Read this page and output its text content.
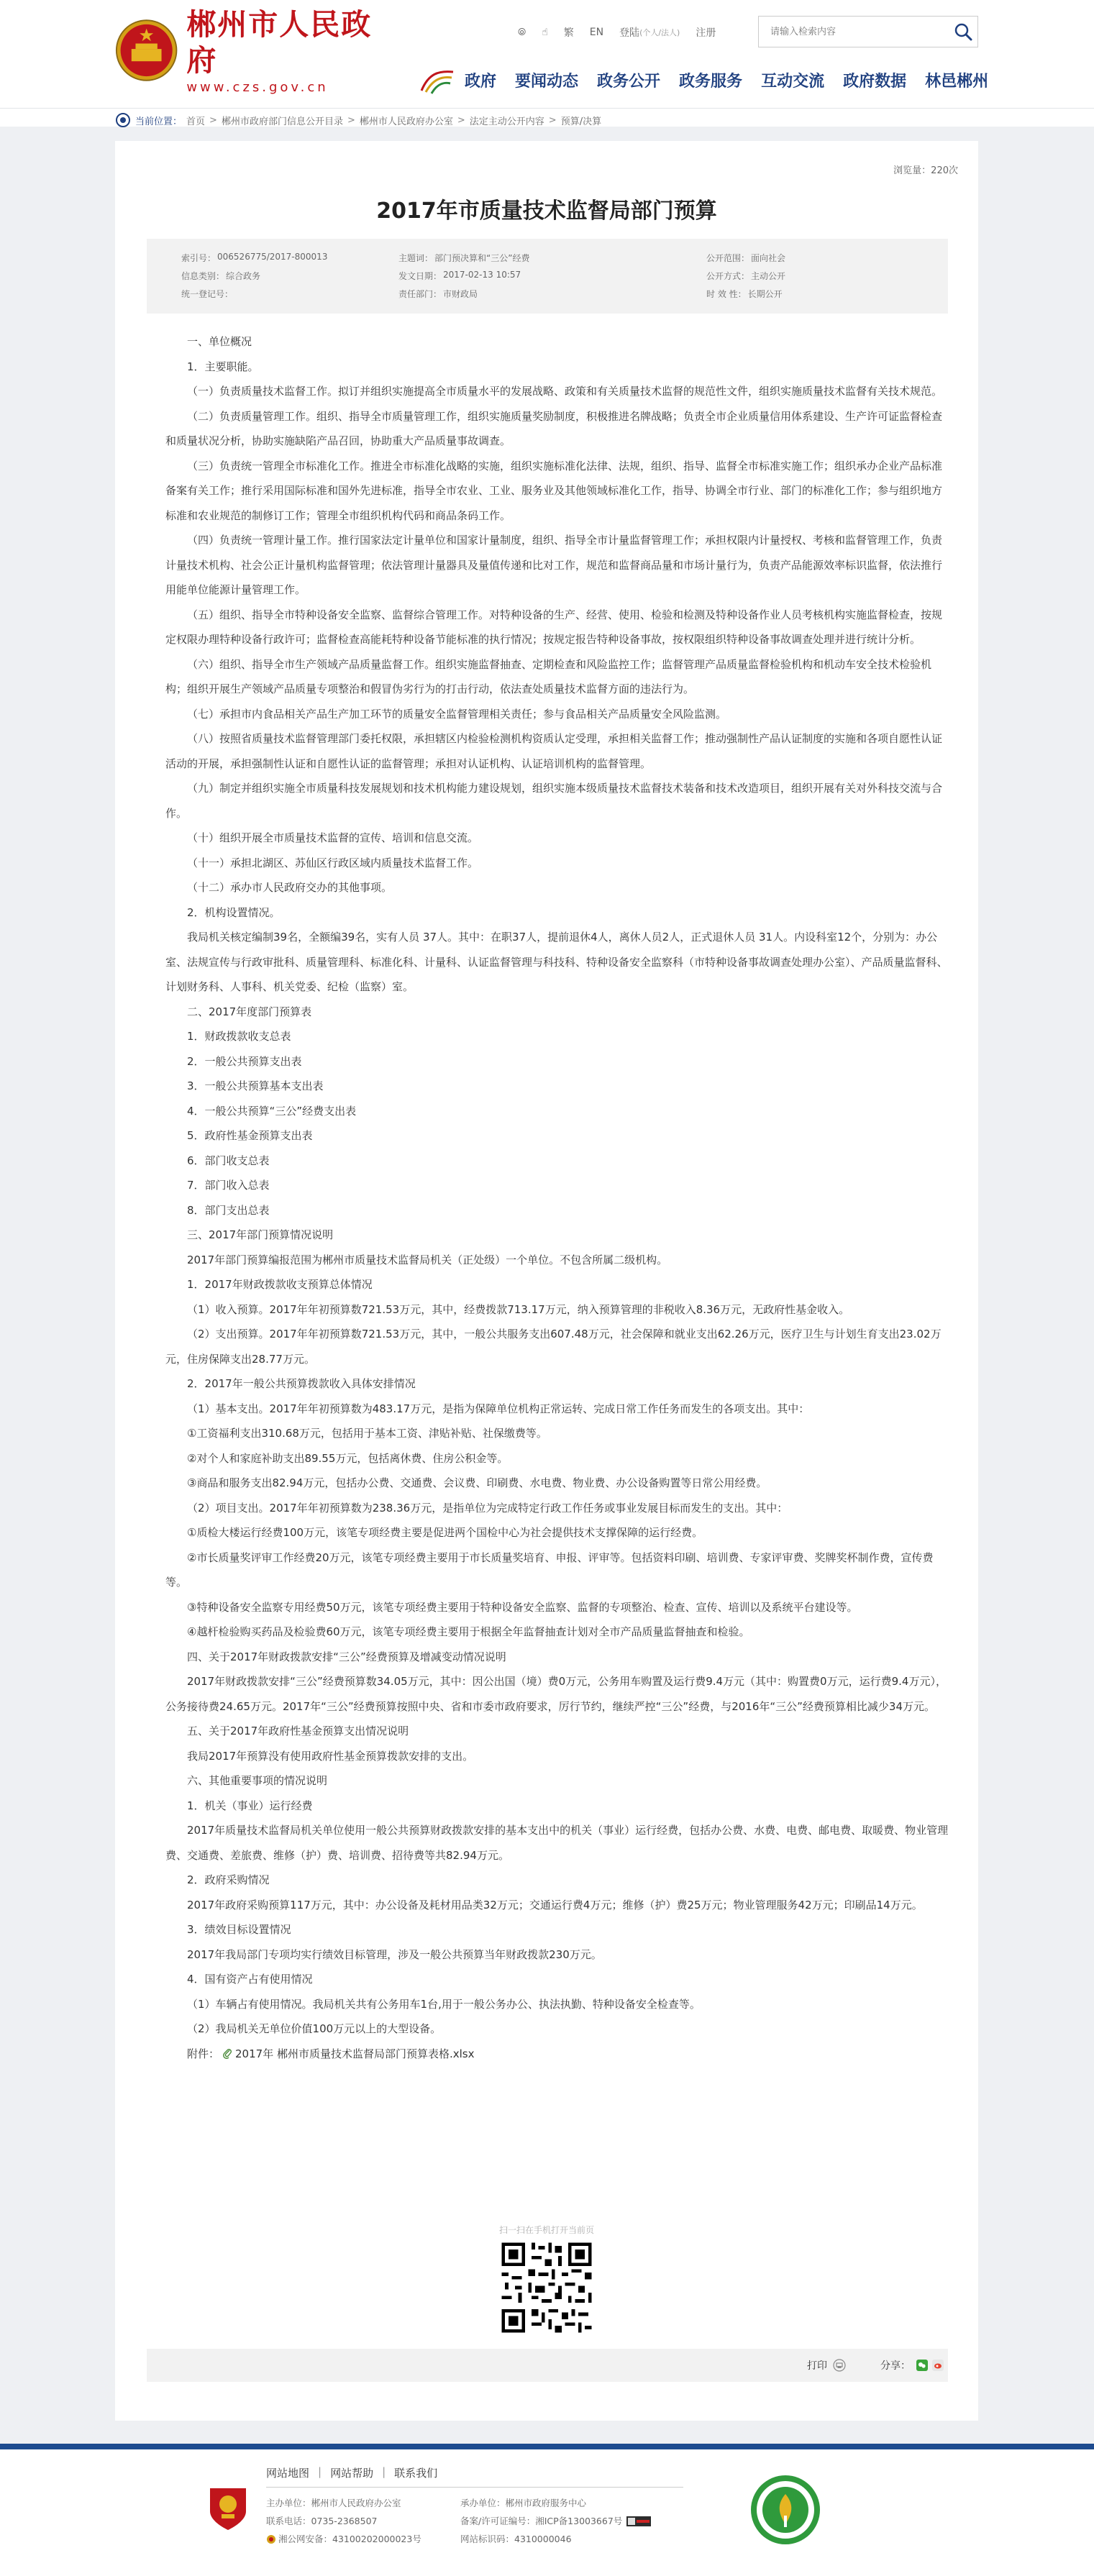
郴州市人民政府
www.czs.gov.cn
⦾ ☝ 繁 EN 登陆 (个人/法人) 注册
请输入检索内容
政府 要闻动态 政务公开 政务服务 互动交流 政府数据 林邑郴州
当前位置： 首页 > 郴州市政府部门信息公开目录 > 郴州市人民政府办公室 > 法定主动公开内容 > 预算/决算
浏览量：220次
2017年市质量技术监督局部门预算
索引号： 006526775/2017-800013	主题词： 部门预决算和“三公”经费	公开范围： 面向社会
信息类别： 综合政务	发文日期： 2017-02-13 10:57	公开方式： 主动公开
统一登记号：	责任部门： 市财政局	时 效 性： 长期公开

一、单位概况

1．主要职能。

（一）负责质量技术监督工作。拟订并组织实施提高全市质量水平的发展战略、政策和有关质量技术监督的规范性文件，组织实施质量技术监督有关技术规范。

（二）负责质量管理工作。组织、指导全市质量管理工作，组织实施质量奖励制度，积极推进名牌战略；负责全市企业质量信用体系建设、生产许可证监督检查和质量状况分析，协助实施缺陷产品召回，协助重大产品质量事故调查。

（三）负责统一管理全市标准化工作。推进全市标准化战略的实施，组织实施标准化法律、法规，组织、指导、监督全市标准实施工作；组织承办企业产品标准备案有关工作；推行采用国际标准和国外先进标准，指导全市农业、工业、服务业及其他领域标准化工作，指导、协调全市行业、部门的标准化工作；参与组织地方标准和农业规范的制修订工作；管理全市组织机构代码和商品条码工作。

（四）负责统一管理计量工作。推行国家法定计量单位和国家计量制度，组织、指导全市计量监督管理工作；承担权限内计量授权、考核和监督管理工作，负责计量技术机构、社会公正计量机构监督管理；依法管理计量器具及量值传递和比对工作，规范和监督商品量和市场计量行为，负责产品能源效率标识监督，依法推行用能单位能源计量管理工作。

（五）组织、指导全市特种设备安全监察、监督综合管理工作。对特种设备的生产、经营、使用、检验和检测及特种设备作业人员考核机构实施监督检查，按规定权限办理特种设备行政许可；监督检查高能耗特种设备节能标准的执行情况；按规定报告特种设备事故，按权限组织特种设备事故调查处理并进行统计分析。

（六）组织、指导全市生产领域产品质量监督工作。组织实施监督抽查、定期检查和风险监控工作；监督管理产品质量监督检验机构和机动车安全技术检验机构；组织开展生产领域产品质量专项整治和假冒伪劣行为的打击行动，依法查处质量技术监督方面的违法行为。

（七）承担市内食品相关产品生产加工环节的质量安全监督管理相关责任；参与食品相关产品质量安全风险监测。

（八）按照省质量技术监督管理部门委托权限，承担辖区内检验检测机构资质认定受理，承担相关监督工作；推动强制性产品认证制度的实施和各项自愿性认证活动的开展，承担强制性认证和自愿性认证的监督管理；承担对认证机构、认证培训机构的监督管理。

（九）制定并组织实施全市质量科技发展规划和技术机构能力建设规划，组织实施本级质量技术监督技术装备和技术改造项目，组织开展有关对外科技交流与合作。

（十）组织开展全市质量技术监督的宣传、培训和信息交流。

（十一）承担北湖区、苏仙区行政区域内质量技术监督工作。

（十二）承办市人民政府交办的其他事项。

2．机构设置情况。

我局机关核定编制39名，全额编39名，实有人员 37人。其中：在职37人，提前退休4人，离休人员2人，正式退休人员 31人。内设科室12个，分别为：办公室、法规宣传与行政审批科、质量管理科、标准化科、计量科、认证监督管理与科技科、特种设备安全监察科（市特种设备事故调查处理办公室）、产品质量监督科、计划财务科、人事科、机关党委、纪检（监察）室。

二、2017年度部门预算表

1．财政拨款收支总表

2．一般公共预算支出表

3．一般公共预算基本支出表

4．一般公共预算“三公”经费支出表

5．政府性基金预算支出表

6．部门收支总表

7．部门收入总表

8．部门支出总表

三、2017年部门预算情况说明

2017年部门预算编报范围为郴州市质量技术监督局机关（正处级）一个单位。不包含所属二级机构。

1．2017年财政拨款收支预算总体情况

（1）收入预算。2017年年初预算数721.53万元，其中，经费拨款713.17万元，纳入预算管理的非税收入8.36万元，无政府性基金收入。

（2）支出预算。2017年年初预算数721.53万元，其中，一般公共服务支出607.48万元，社会保障和就业支出62.26万元，医疗卫生与计划生育支出23.02万元，住房保障支出28.77万元。

2．2017年一般公共预算拨款收入具体安排情况

（1）基本支出。2017年年初预算数为483.17万元，是指为保障单位机构正常运转、完成日常工作任务而发生的各项支出。其中：

①工资福利支出310.68万元，包括用于基本工资、津贴补贴、社保缴费等。

②对个人和家庭补助支出89.55万元，包括离休费、住房公积金等。

③商品和服务支出82.94万元，包括办公费、交通费、会议费、印刷费、水电费、物业费、办公设备购置等日常公用经费。

（2）项目支出。2017年年初预算数为238.36万元，是指单位为完成特定行政工作任务或事业发展目标而发生的支出。其中：

①质检大楼运行经费100万元，该笔专项经费主要是促进两个国检中心为社会提供技术支撑保障的运行经费。

②市长质量奖评审工作经费20万元，该笔专项经费主要用于市长质量奖培育、申报、评审等。包括资料印刷、培训费、专家评审费、奖牌奖杯制作费，宣传费等。

③特种设备安全监察专用经费50万元，该笔专项经费主要用于特种设备安全监察、监督的专项整治、检查、宣传、培训以及系统平台建设等。

④越杆检验购买药品及检验费60万元，该笔专项经费主要用于根据全年监督抽查计划对全市产品质量监督抽查和检验。

四、关于2017年财政拨款安排“三公”经费预算及增减变动情况说明

2017年财政拨款安排“三公”经费预算数34.05万元，其中：因公出国（境）费0万元，公务用车购置及运行费9.4万元（其中：购置费0万元，运行费9.4万元），公务接待费24.65万元。2017年“三公”经费预算按照中央、省和市委市政府要求，厉行节约，继续严控“三公”经费，与2016年“三公”经费预算相比减少34万元。

五、关于2017年政府性基金预算支出情况说明

我局2017年预算没有使用政府性基金预算拨款安排的支出。

六、其他重要事项的情况说明

1．机关（事业）运行经费

2017年质量技术监督局机关单位使用一般公共预算财政拨款安排的基本支出中的机关（事业）运行经费，包括办公费、水费、电费、邮电费、取暖费、物业管理费、交通费、差旅费、维修（护）费、培训费、招待费等共82.94万元。

2．政府采购情况

2017年政府采购预算117万元，其中：办公设备及耗材用品类32万元；交通运行费4万元；维修（护）费25万元；物业管理服务42万元；印刷品14万元。

3．绩效目标设置情况

2017年我局部门专项均实行绩效目标管理，涉及一般公共预算当年财政拨款230万元。

4．国有资产占有使用情况

（1）车辆占有使用情况。我局机关共有公务用车1台,用于一般公务办公、执法执勤、特种设备安全检查等。

（2）我局机关无单位价值100万元以上的大型设备。

附件： 2017年 郴州市质量技术监督局部门预算表格.xlsx
扫一扫在手机打开当前页
打印	分享：
网站地图 | 网站帮助 | 联系我们
主办单位：郴州市人民政府办公室	承办单位：郴州市政府服务中心
联系电话：0735-2368507	备案/许可证编号：湘ICP备13003667号
湘公网安备：43100202000023号	网站标识码：4310000046
